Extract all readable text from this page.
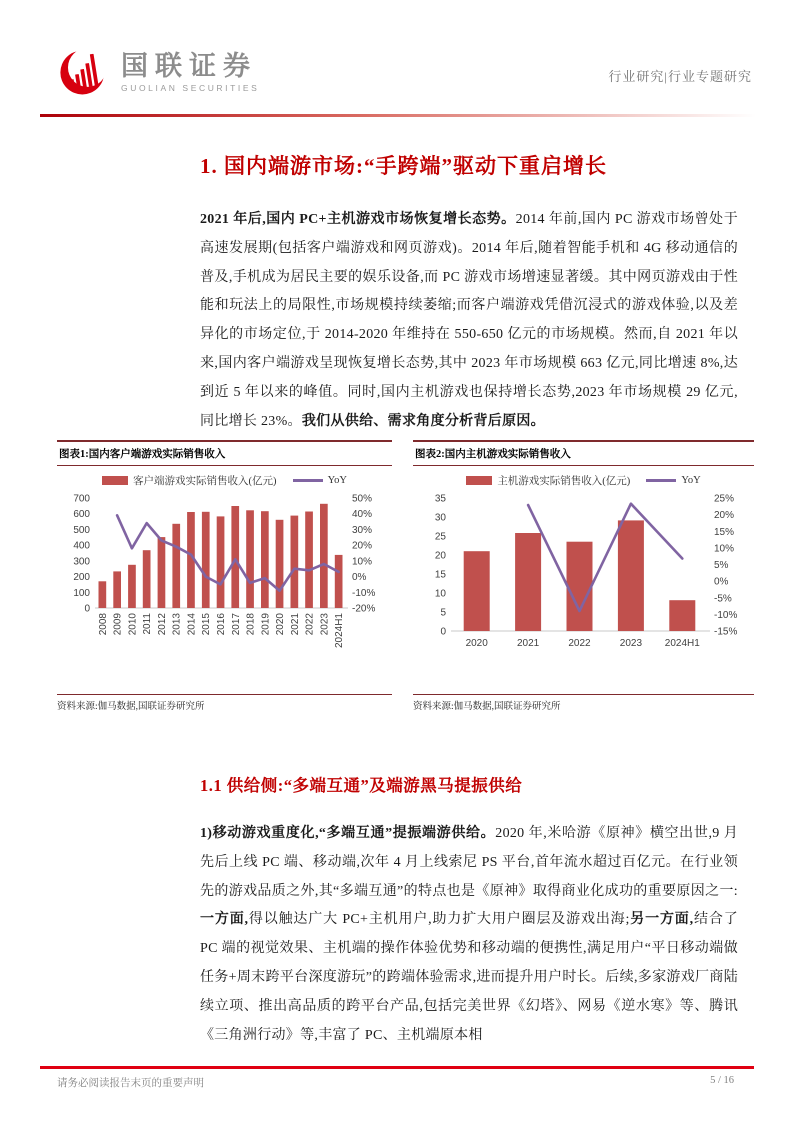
国联证券
GUOLIAN SECURITIES
行业研究|行业专题研究
1. 国内端游市场:“手跨端”驱动下重启增长

2021 年后,国内 PC+主机游戏市场恢复增长态势。2014 年前,国内 PC 游戏市场曾处于高速发展期(包括客户端游戏和网页游戏)。2014 年后,随着智能手机和 4G 移动通信的普及,手机成为居民主要的娱乐设备,而 PC 游戏市场增速显著缓。其中网页游戏由于性能和玩法上的局限性,市场规模持续萎缩;而客户端游戏凭借沉浸式的游戏体验,以及差异化的市场定位,于 2014-2020 年维持在 550-650 亿元的市场规模。然而,自 2021 年以来,国内客户端游戏呈现恢复增长态势,其中 2023 年市场规模 663 亿元,同比增速 8%,达到近 5 年以来的峰值。同时,国内主机游戏也保持增长态势,2023 年市场规模 29 亿元,同比增长 23%。我们从供给、需求角度分析背后原因。

图表1:国内客户端游戏实际销售收入
客户端游戏实际销售收入(亿元)	YoY
700
600
500
400
300
200
100
0
50%
40%
30%
20%
10%
0%
-10%
-20%
2008 2009 2010 2011 2012 2013 2014 2015 2016 2017 2018 2019 2020 2021 2022 2023 2024H1
资料来源:伽马数据,国联证券研究所
图表2:国内主机游戏实际销售收入
主机游戏实际销售收入(亿元)	YoY
35
30
25
20
15
10
5
0
25%
20%
15%
10%
5%
0%
-5%
-10%
-15%
2020	2021	2022	2023 2024H1
资料来源:伽马数据,国联证券研究所
1.1 供给侧:“多端互通”及端游黑马提振供给

1)移动游戏重度化,“多端互通”提振端游供给。2020 年,米哈游《原神》横空出世,9 月先后上线 PC 端、移动端,次年 4 月上线索尼 PS 平台,首年流水超过百亿元。在行业领先的游戏品质之外,其“多端互通”的特点也是《原神》取得商业化成功的重要原因之一:一方面,得以触达广大 PC+主机用户,助力扩大用户圈层及游戏出海;另一方面,结合了 PC 端的视觉效果、主机端的操作体验优势和移动端的便携性,满足用户“平日移动端做任务+周末跨平台深度游玩”的跨端体验需求,进而提升用户时长。后续,多家游戏厂商陆续立项、推出高品质的跨平台产品,包括完美世界《幻塔》、网易《逆水寒》等、腾讯《三角洲行动》等,丰富了 PC、主机端原本相

请务必阅读报告末页的重要声明	5 / 16
